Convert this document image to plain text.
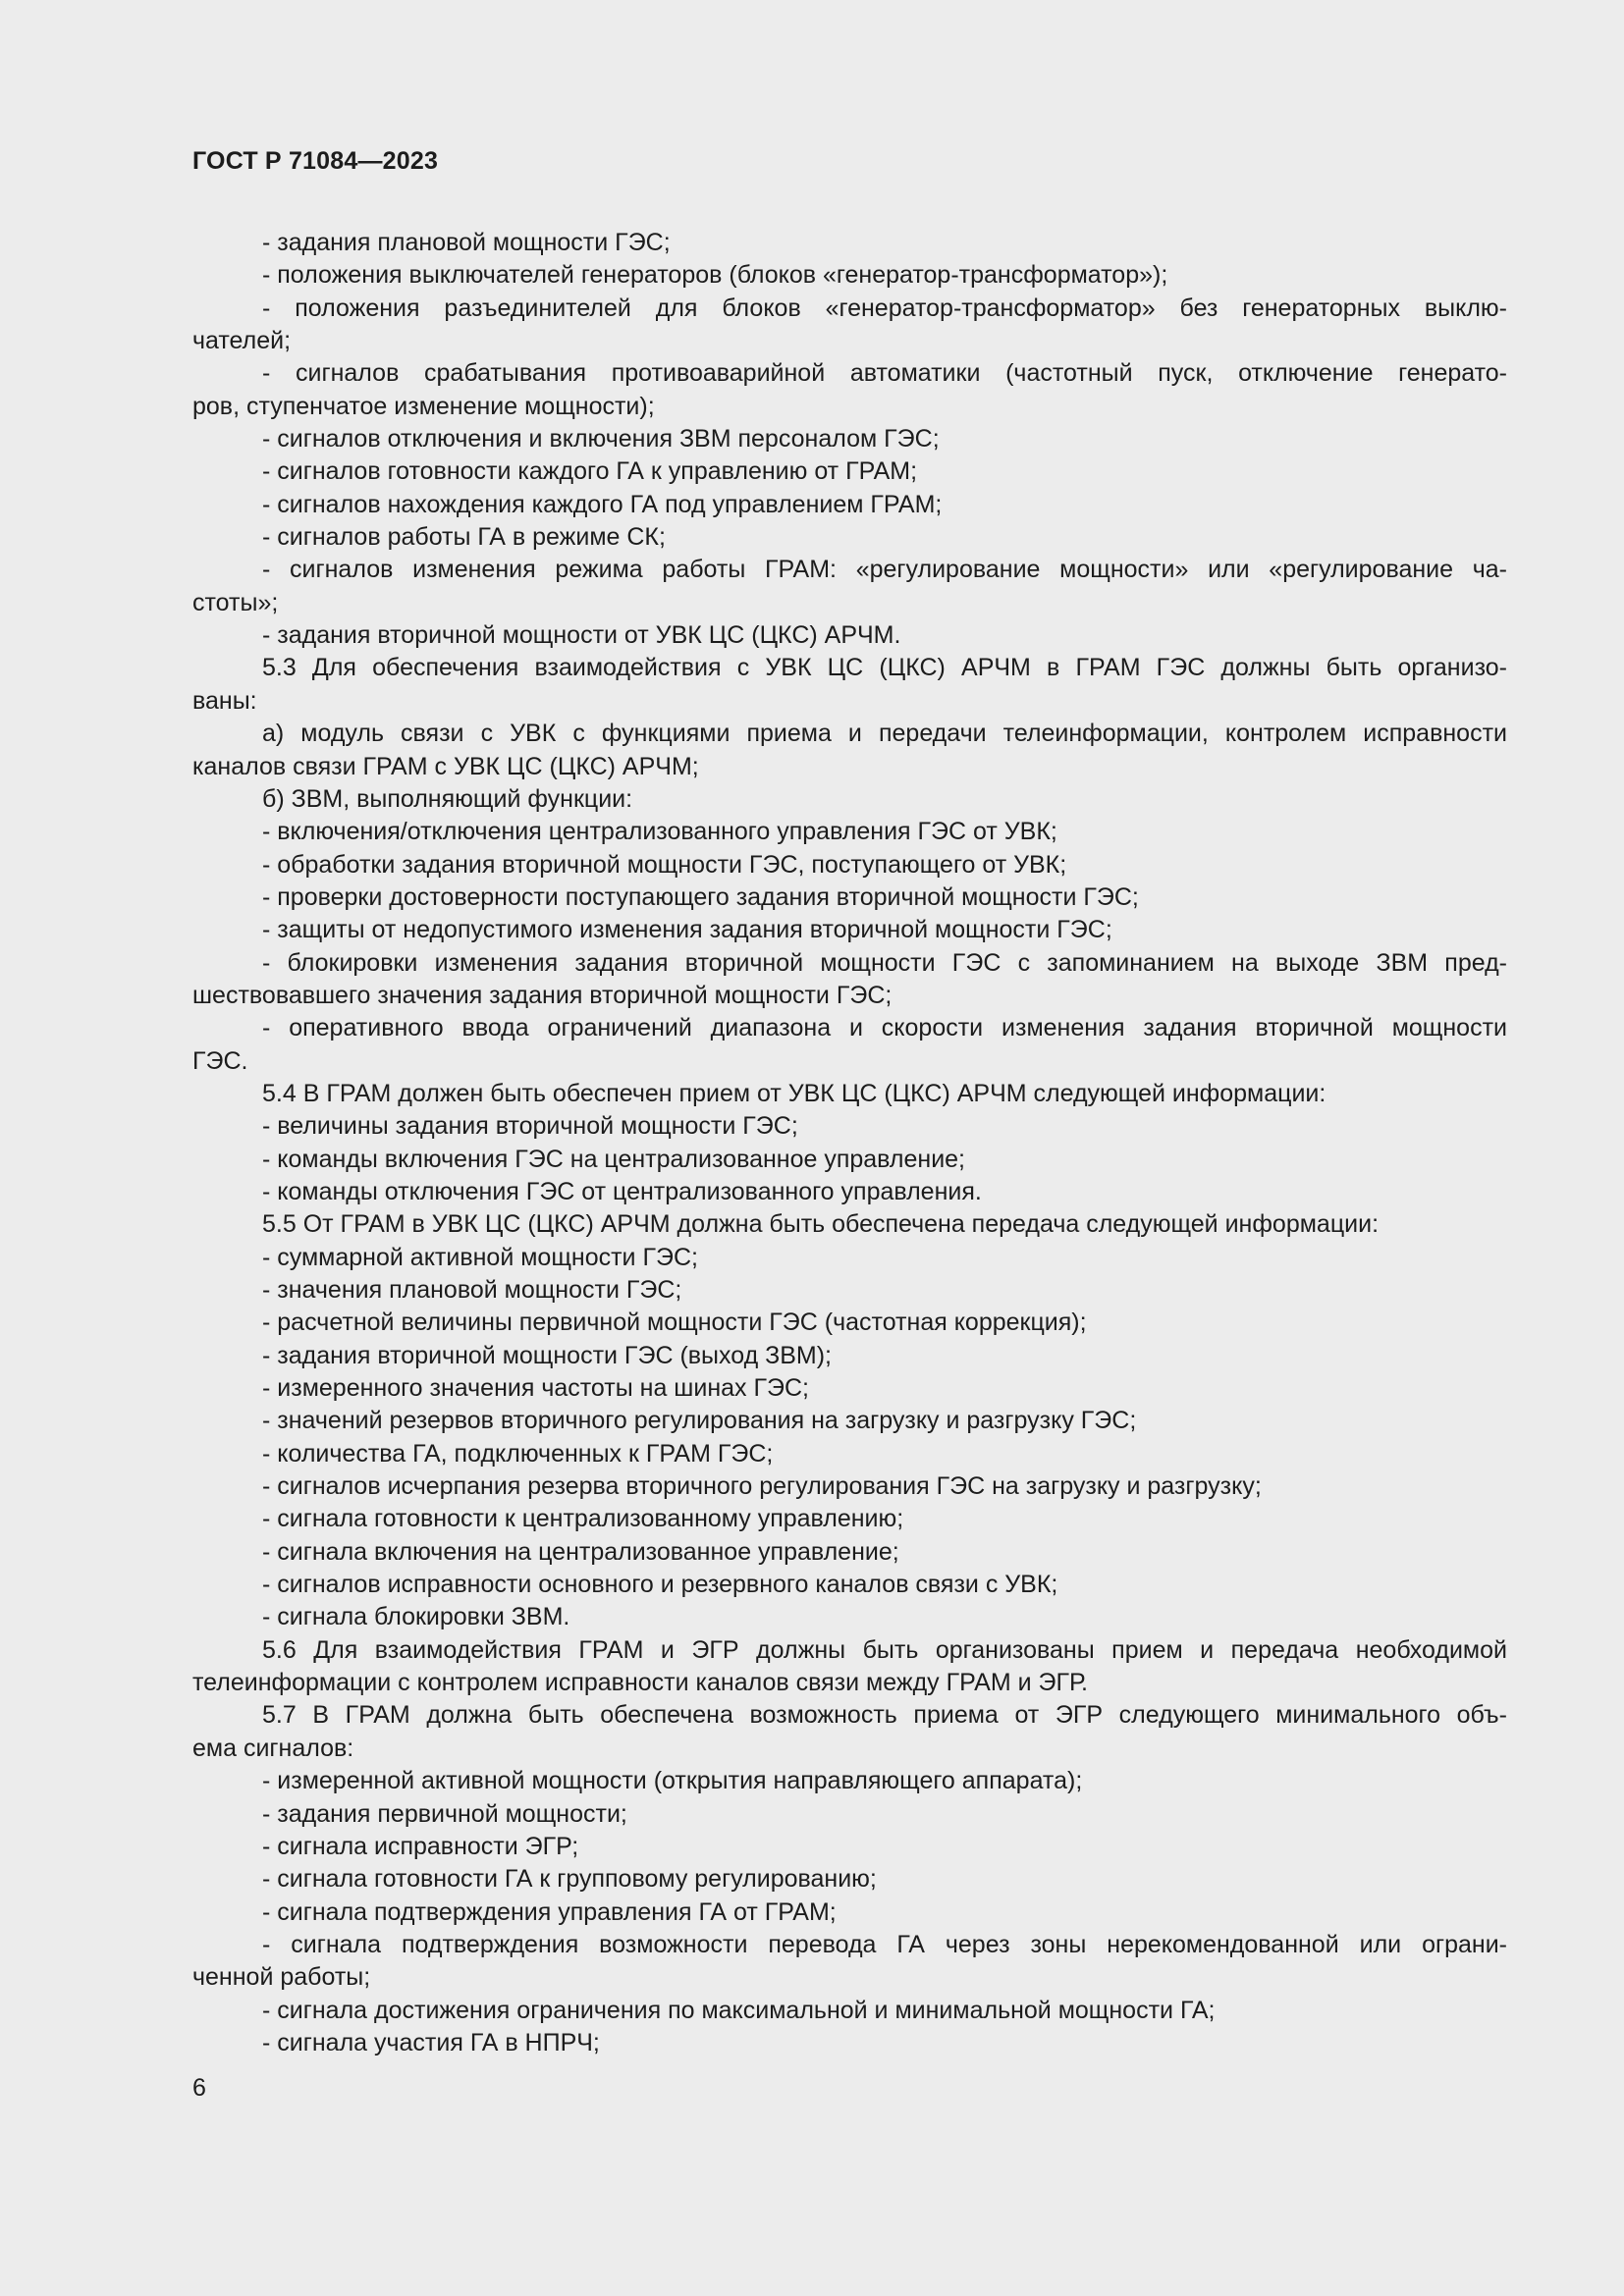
ГОСТ Р 71084—2023
- задания плановой мощности ГЭС;
- положения выключателей генераторов (блоков «генератор-трансформатор»);
- положения разъединителей для блоков «генератор-трансформатор» без генераторных выклю-
чателей;
- сигналов срабатывания противоаварийной автоматики (частотный пуск, отключение генерато-
ров, ступенчатое изменение мощности);
- сигналов отключения и включения ЗВМ персоналом ГЭС;
- сигналов готовности каждого ГА к управлению от ГРАМ;
- сигналов нахождения каждого ГА под управлением ГРАМ;
- сигналов работы ГА в режиме СК;
- сигналов изменения режима работы ГРАМ: «регулирование мощности» или «регулирование ча-
стоты»;
- задания вторичной мощности от УВК ЦС (ЦКС) АРЧМ.
5.3 Для обеспечения взаимодействия с УВК ЦС (ЦКС) АРЧМ в ГРАМ ГЭС должны быть организо-
ваны:
а) модуль связи с УВК с функциями приема и передачи телеинформации, контролем исправности
каналов связи ГРАМ с УВК ЦС (ЦКС) АРЧМ;
б) ЗВМ, выполняющий функции:
- включения/отключения централизованного управления ГЭС от УВК;
- обработки задания вторичной мощности ГЭС, поступающего от УВК;
- проверки достоверности поступающего задания вторичной мощности ГЭС;
- защиты от недопустимого изменения задания вторичной мощности ГЭС;
- блокировки изменения задания вторичной мощности ГЭС с запоминанием на выходе ЗВМ пред-
шествовавшего значения задания вторичной мощности ГЭС;
- оперативного ввода ограничений диапазона и скорости изменения задания вторичной мощности
ГЭС.
5.4 В ГРАМ должен быть обеспечен прием от УВК ЦС (ЦКС) АРЧМ следующей информации:
- величины задания вторичной мощности ГЭС;
- команды включения ГЭС на централизованное управление;
- команды отключения ГЭС от централизованного управления.
5.5 От ГРАМ в УВК ЦС (ЦКС) АРЧМ должна быть обеспечена передача следующей информации:
- суммарной активной мощности ГЭС;
- значения плановой мощности ГЭС;
- расчетной величины первичной мощности ГЭС (частотная коррекция);
- задания вторичной мощности ГЭС (выход ЗВМ);
- измеренного значения частоты на шинах ГЭС;
- значений резервов вторичного регулирования на загрузку и разгрузку ГЭС;
- количества ГА, подключенных к ГРАМ ГЭС;
- сигналов исчерпания резерва вторичного регулирования ГЭС на загрузку и разгрузку;
- сигнала готовности к централизованному управлению;
- сигнала включения на централизованное управление;
- сигналов исправности основного и резервного каналов связи с УВК;
- сигнала блокировки ЗВМ.
5.6 Для взаимодействия ГРАМ и ЭГР должны быть организованы прием и передача необходимой
телеинформации с контролем исправности каналов связи между ГРАМ и ЭГР.
5.7 В ГРАМ должна быть обеспечена возможность приема от ЭГР следующего минимального объ-
ема сигналов:
- измеренной активной мощности (открытия направляющего аппарата);
- задания первичной мощности;
- сигнала исправности ЭГР;
- сигнала готовности ГА к групповому регулированию;
- сигнала подтверждения управления ГА от ГРАМ;
- сигнала подтверждения возможности перевода ГА через зоны нерекомендованной или ограни-
ченной работы;
- сигнала достижения ограничения по максимальной и минимальной мощности ГА;
- сигнала участия ГА в НПРЧ;
6
